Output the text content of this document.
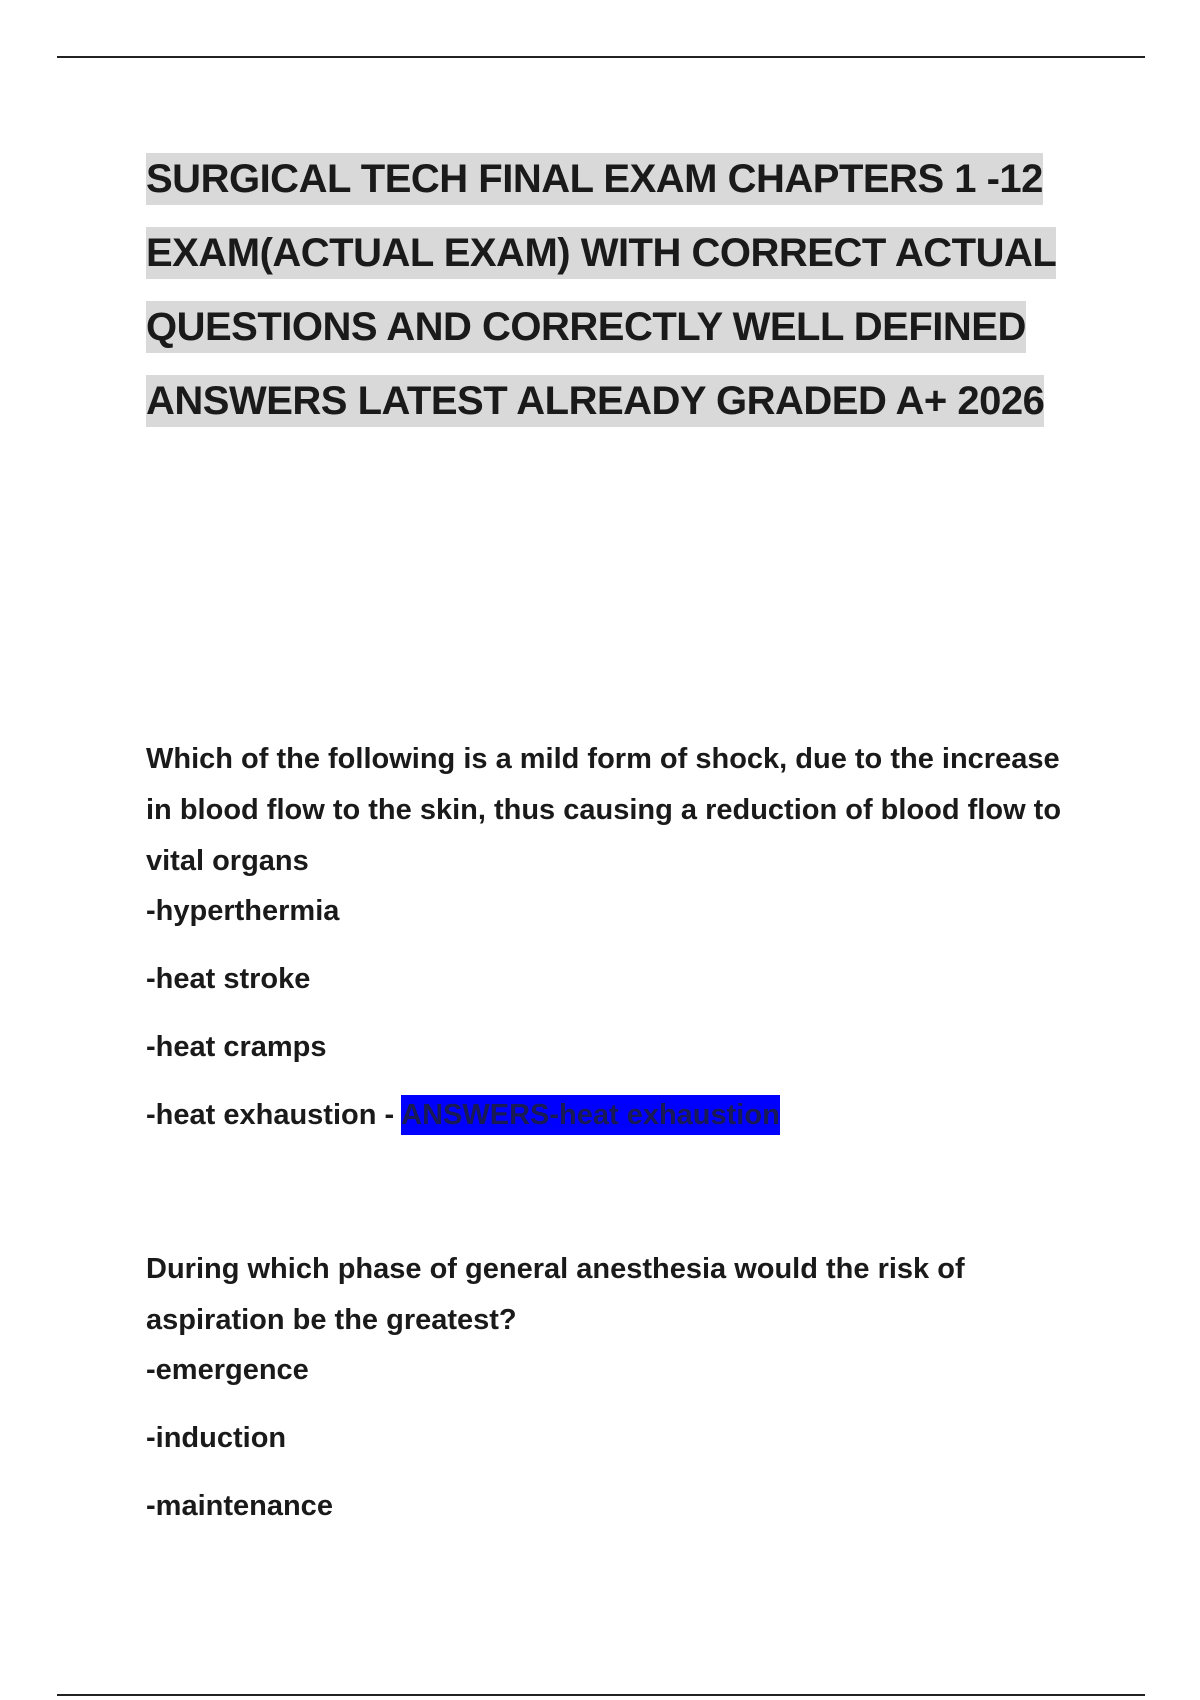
SURGICAL TECH FINAL EXAM CHAPTERS 1 -12 EXAM(ACTUAL EXAM) WITH CORRECT ACTUAL QUESTIONS AND CORRECTLY WELL DEFINED ANSWERS LATEST ALREADY GRADED A+ 2026

Which of the following is a mild form of shock, due to the increase in blood flow to the skin, thus causing a reduction of blood flow to vital organs

-hyperthermia
-heat stroke
-heat cramps
-heat exhaustion - ANSWERS-heat exhaustion

During which phase of general anesthesia would the risk of aspiration be the greatest?

-emergence
-induction
-maintenance
